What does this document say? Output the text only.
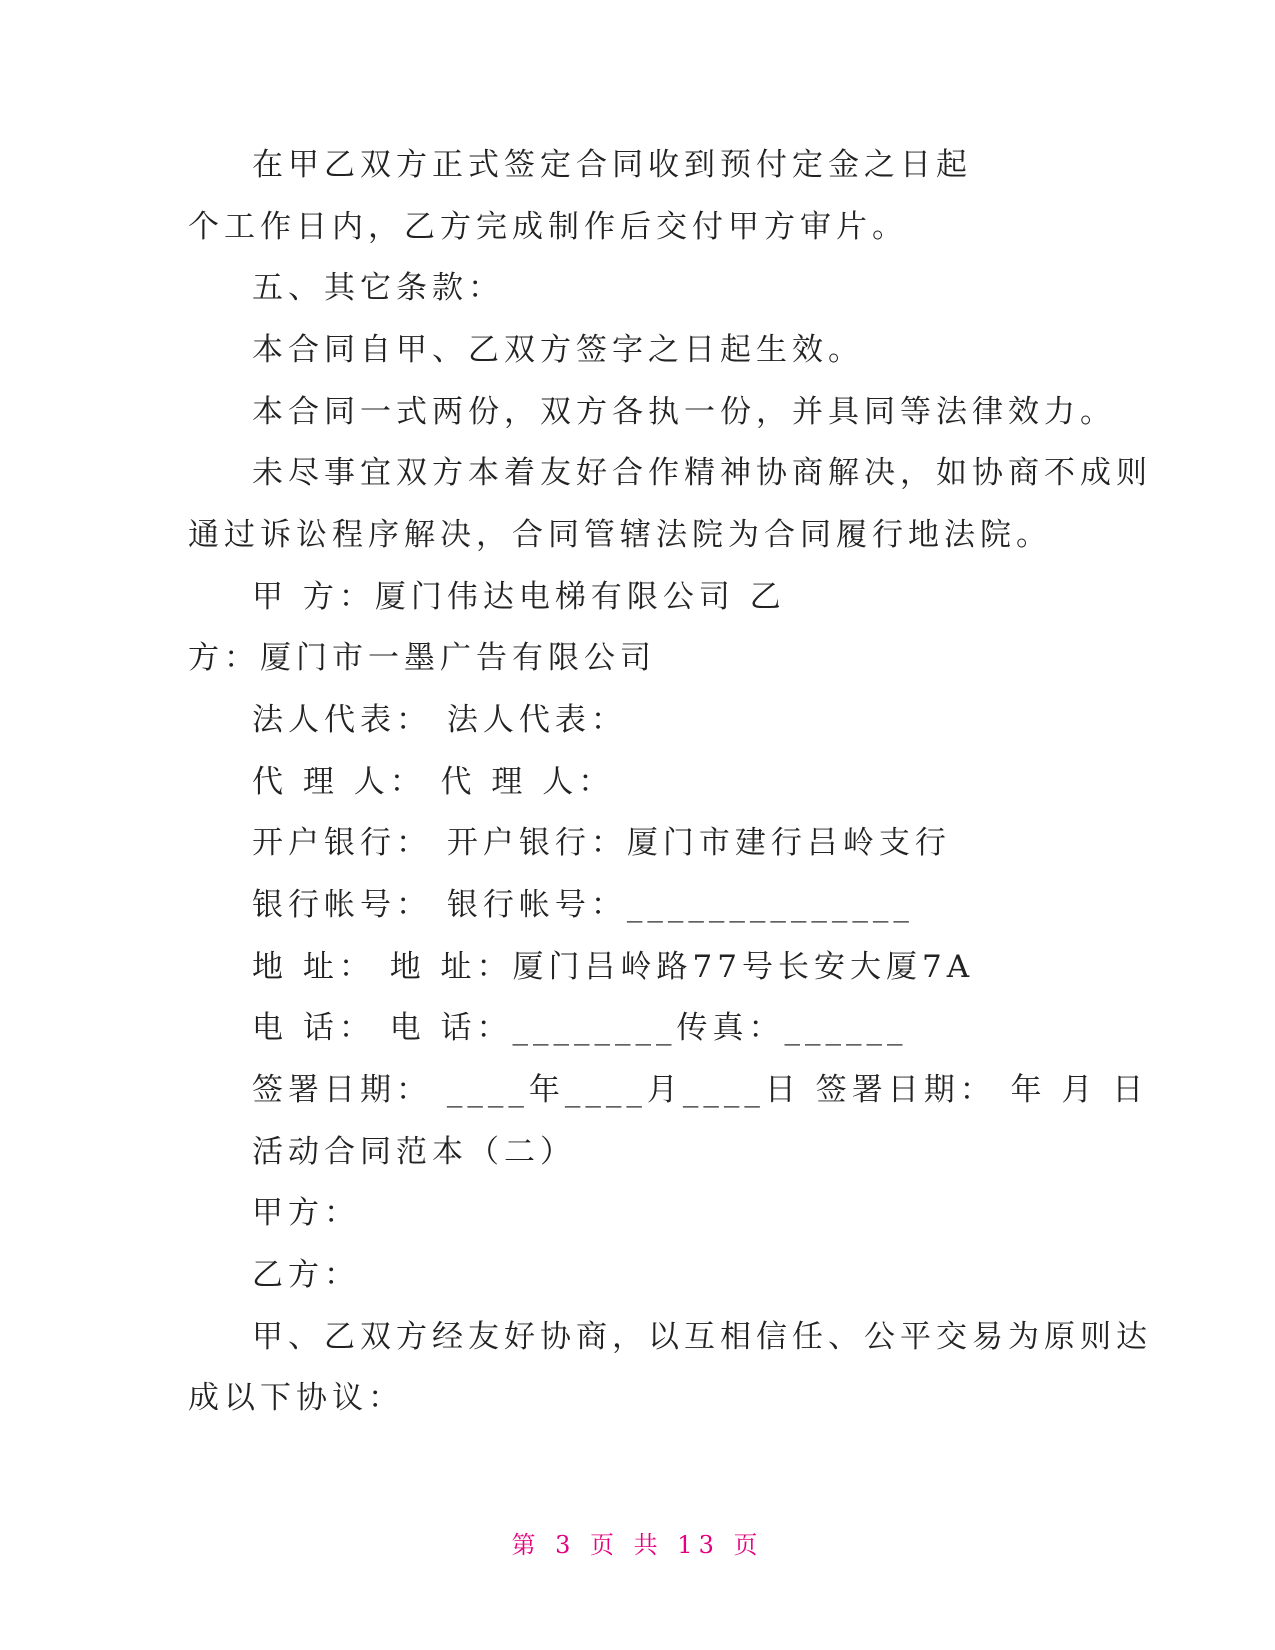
在甲乙双方正式签定合同收到预付定金之日起
个工作日内，乙方完成制作后交付甲方审片。
五、其它条款：
本合同自甲、乙双方签字之日起生效。
本合同一式两份，双方各执一份，并具同等法律效力。
未尽事宜双方本着友好合作精神协商解决，如协商不成则
通过诉讼程序解决，合同管辖法院为合同履行地法院。
甲 方：厦门伟达电梯有限公司 乙
方：厦门市一墨广告有限公司
法人代表： 法人代表：
代 理 人： 代 理 人：
开户银行： 开户银行：厦门市建行吕岭支行
银行帐号： 银行帐号：______________
地 址： 地 址：厦门吕岭路77号长安大厦7A
电 话： 电 话：________传真：______
签署日期： ____年____月____日 签署日期： 年 月 日
活动合同范本（二）
甲方：
乙方：
甲、乙双方经友好协商，以互相信任、公平交易为原则达
成以下协议：
第 3 页 共 13 页
